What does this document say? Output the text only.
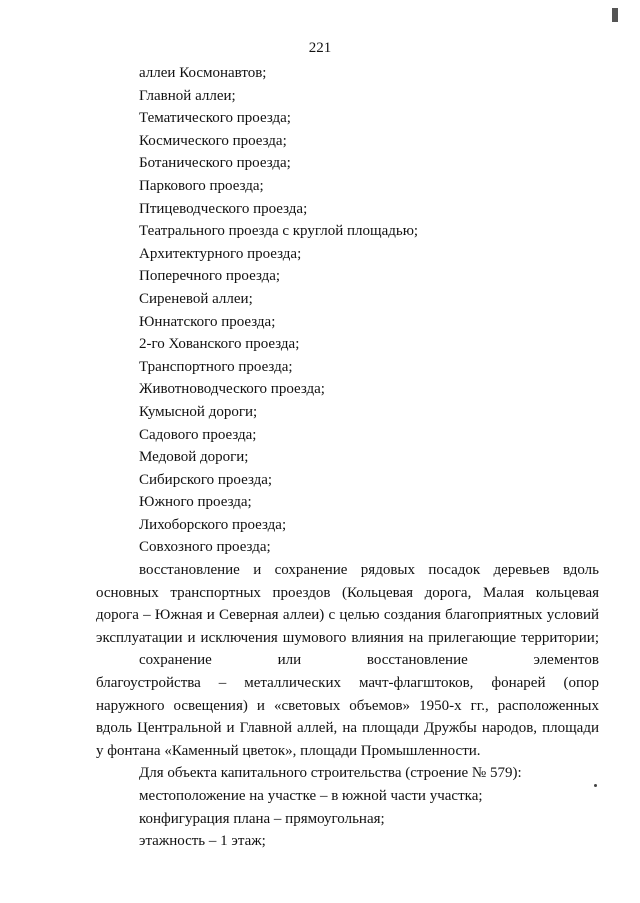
221
аллеи Космонавтов;
Главной аллеи;
Тематического проезда;
Космического проезда;
Ботанического проезда;
Паркового проезда;
Птицеводческого проезда;
Театрального проезда с круглой площадью;
Архитектурного проезда;
Поперечного проезда;
Сиреневой аллеи;
Юннатского проезда;
2-го Хованского проезда;
Транспортного проезда;
Животноводческого проезда;
Кумысной дороги;
Садового проезда;
Медовой дороги;
Сибирского проезда;
Южного проезда;
Лихоборского проезда;
Совхозного проезда;
восстановление и сохранение рядовых посадок деревьев вдоль
основных транспортных проездов (Кольцевая дорога, Малая кольцевая
дорога – Южная и Северная аллеи) с целью создания благоприятных условий
эксплуатации и исключения шумового влияния на прилегающие территории;
сохранение	или	восстановление	элементов
благоустройства – металлических мачт-флагштоков, фонарей (опор
наружного освещения) и «световых объемов» 1950-х гг., расположенных
вдоль Центральной и Главной аллей, на площади Дружбы народов, площади
у фонтана «Каменный цветок», площади Промышленности.
Для объекта капитального строительства (строение № 579):
местоположение на участке – в южной части участка;
конфигурация плана – прямоугольная;
этажность – 1 этаж;
